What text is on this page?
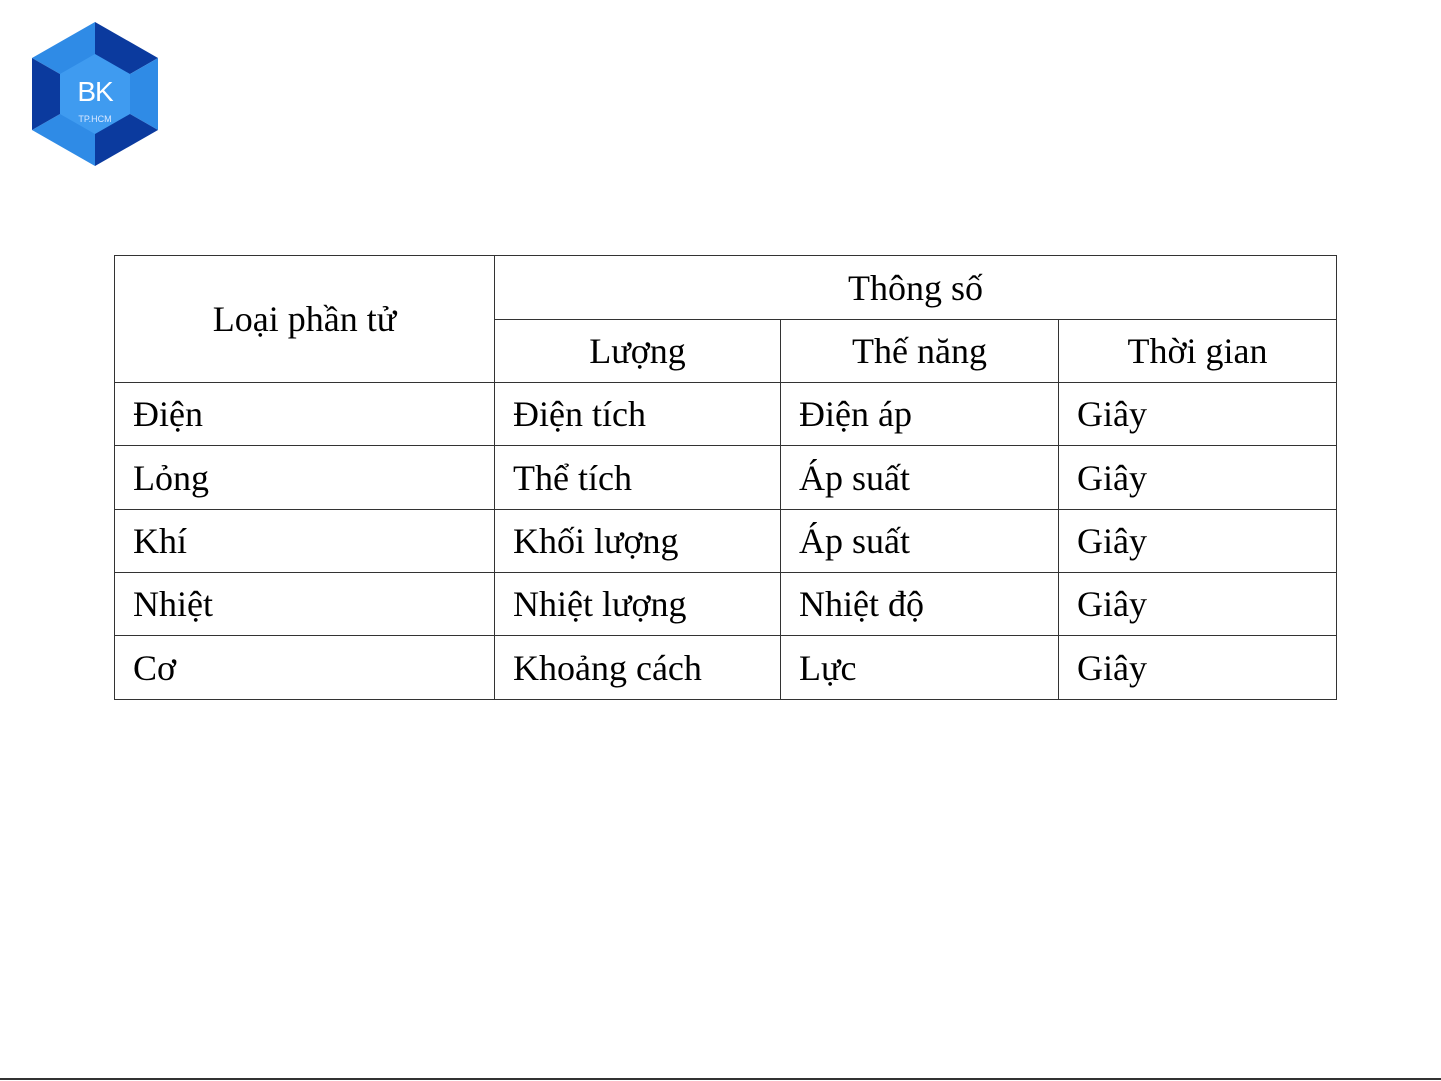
BK
TP.HCM
Loại phần tử	Thông số		
	Lượng	Thế năng	Thời gian
Điện	Điện tích	Điện áp	Giây
Lỏng	Thể tích	Áp suất	Giây
Khí	Khối lượng	Áp suất	Giây
Nhiệt	Nhiệt lượng	Nhiệt độ	Giây
Cơ	Khoảng cách	Lực	Giây
